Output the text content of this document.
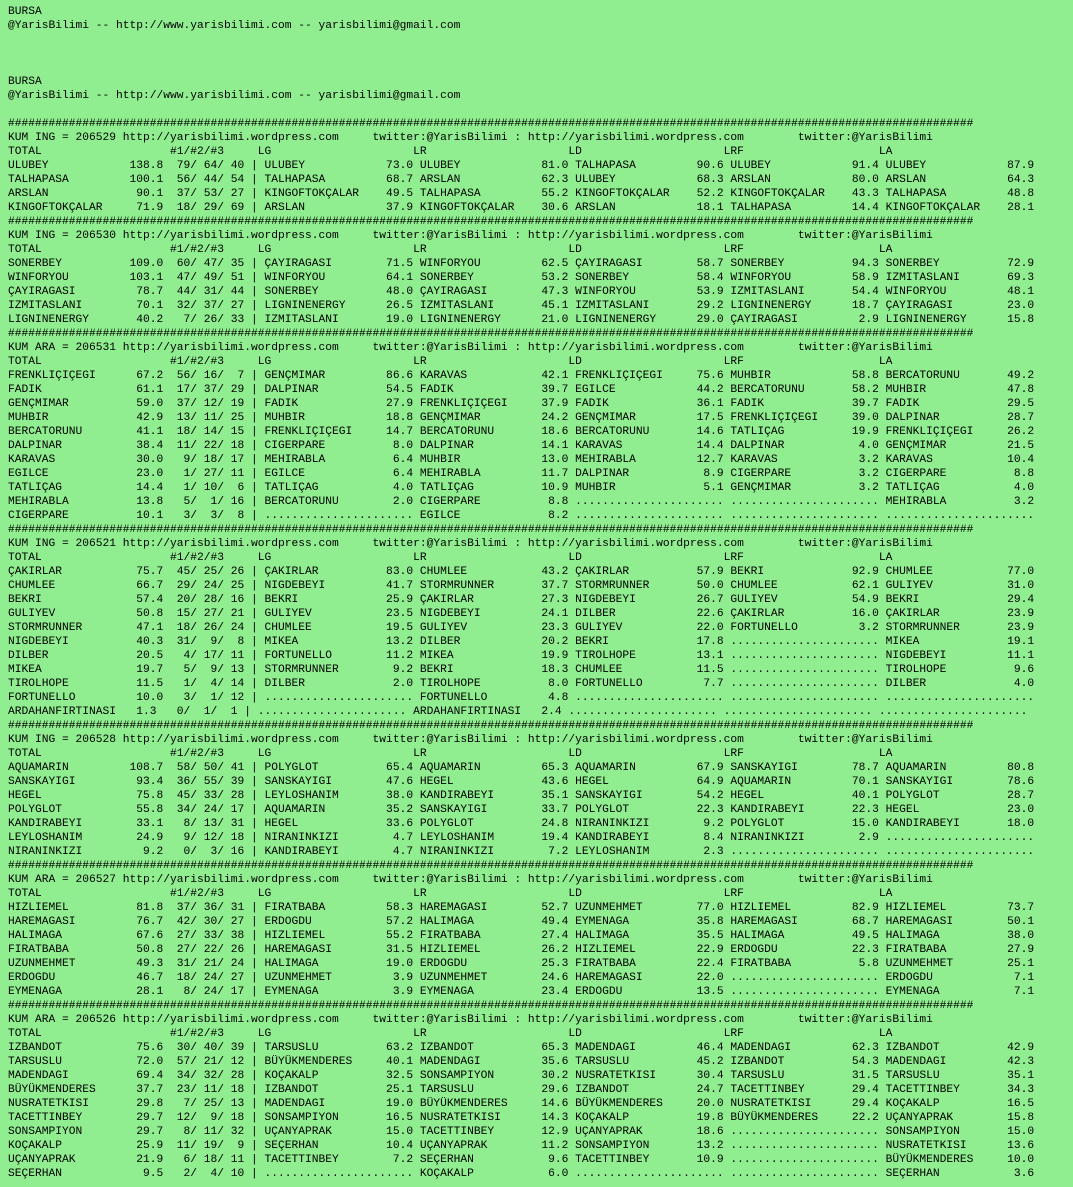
BURSA
@YarisBilimi -- http://www.yarisbilimi.com -- yarisbilimi@gmail.com
BURSA
@YarisBilimi -- http://www.yarisbilimi.com -- yarisbilimi@gmail.com
###############################################################################################################################################
KUM ING = 206529 http://yarisbilimi.wordpress.com     twitter:@YarisBilimi : http://yarisbilimi.wordpress.com        twitter:@YarisBilimi
TOTAL                   #1/#2/#3     LG                     LR                     LD                     LRF                    LA
ULUBEY            138.8  79/ 64/ 40 | ULUBEY            73.0 ULUBEY            81.0 TALHAPASA         90.6 ULUBEY            91.4 ULUBEY            87.9
TALHAPASA         100.1  56/ 44/ 54 | TALHAPASA         68.7 ARSLAN            62.3 ULUBEY            68.3 ARSLAN            80.0 ARSLAN            64.3
ARSLAN             90.1  37/ 53/ 27 | KINGOFTOKÇALAR    49.5 TALHAPASA         55.2 KINGOFTOKÇALAR    52.2 KINGOFTOKÇALAR    43.3 TALHAPASA         48.8
KINGOFTOKÇALAR     71.9  18/ 29/ 69 | ARSLAN            37.9 KINGOFTOKÇALAR    30.6 ARSLAN            18.1 TALHAPASA         14.4 KINGOFTOKÇALAR    28.1
###############################################################################################################################################
KUM ING = 206530 http://yarisbilimi.wordpress.com     twitter:@YarisBilimi : http://yarisbilimi.wordpress.com        twitter:@YarisBilimi
TOTAL                   #1/#2/#3     LG                     LR                     LD                     LRF                    LA
SONERBEY          109.0  60/ 47/ 35 | ÇAYIRAGASI        71.5 WINFORYOU         62.5 ÇAYIRAGASI        58.7 SONERBEY          94.3 SONERBEY          72.9
WINFORYOU         103.1  47/ 49/ 51 | WINFORYOU         64.1 SONERBEY          53.2 SONERBEY          58.4 WINFORYOU         58.9 IZMITASLANI       69.3
ÇAYIRAGASI         78.7  44/ 31/ 44 | SONERBEY          48.0 ÇAYIRAGASI        47.3 WINFORYOU         53.9 IZMITASLANI       54.4 WINFORYOU         48.1
IZMITASLANI        70.1  32/ 37/ 27 | LIGNINENERGY      26.5 IZMITASLANI       45.1 IZMITASLANI       29.2 LIGNINENERGY      18.7 ÇAYIRAGASI        23.0
LIGNINENERGY       40.2   7/ 26/ 33 | IZMITASLANI       19.0 LIGNINENERGY      21.0 LIGNINENERGY      29.0 ÇAYIRAGASI         2.9 LIGNINENERGY      15.8
###############################################################################################################################################
KUM ARA = 206531 http://yarisbilimi.wordpress.com     twitter:@YarisBilimi : http://yarisbilimi.wordpress.com        twitter:@YarisBilimi
TOTAL                   #1/#2/#3     LG                     LR                     LD                     LRF                    LA
FRENKLIÇIÇEGI      67.2  56/ 16/  7 | GENÇMIMAR         86.6 KARAVAS           42.1 FRENKLIÇIÇEGI     75.6 MUHBIR            58.8 BERCATORUNU       49.2
FADIK              61.1  17/ 37/ 29 | DALPINAR          54.5 FADIK             39.7 EGILCE            44.2 BERCATORUNU       58.2 MUHBIR            47.8
GENÇMIMAR          59.0  37/ 12/ 19 | FADIK             27.9 FRENKLIÇIÇEGI     37.9 FADIK             36.1 FADIK             39.7 FADIK             29.5
MUHBIR             42.9  13/ 11/ 25 | MUHBIR            18.8 GENÇMIMAR         24.2 GENÇMIMAR         17.5 FRENKLIÇIÇEGI     39.0 DALPINAR          28.7
BERCATORUNU        41.1  18/ 14/ 15 | FRENKLIÇIÇEGI     14.7 BERCATORUNU       18.6 BERCATORUNU       14.6 TATLIÇAG          19.9 FRENKLIÇIÇEGI     26.2
DALPINAR           38.4  11/ 22/ 18 | CIGERPARE          8.0 DALPINAR          14.1 KARAVAS           14.4 DALPINAR           4.0 GENÇMIMAR         21.5
KARAVAS            30.0   9/ 18/ 17 | MEHIRABLA          6.4 MUHBIR            13.0 MEHIRABLA         12.7 KARAVAS            3.2 KARAVAS           10.4
EGILCE             23.0   1/ 27/ 11 | EGILCE             6.4 MEHIRABLA         11.7 DALPINAR           8.9 CIGERPARE          3.2 CIGERPARE          8.8
TATLIÇAG           14.4   1/ 10/  6 | TATLIÇAG           4.0 TATLIÇAG          10.9 MUHBIR             5.1 GENÇMIMAR          3.2 TATLIÇAG           4.0
MEHIRABLA          13.8   5/  1/ 16 | BERCATORUNU        2.0 CIGERPARE          8.8 ...................... ...................... MEHIRABLA          3.2
CIGERPARE          10.1   3/  3/  8 | ...................... EGILCE             8.2 ...................... ...................... ......................
###############################################################################################################################################
KUM ING = 206521 http://yarisbilimi.wordpress.com     twitter:@YarisBilimi : http://yarisbilimi.wordpress.com        twitter:@YarisBilimi
TOTAL                   #1/#2/#3     LG                     LR                     LD                     LRF                    LA
ÇAKIRLAR           75.7  45/ 25/ 26 | ÇAKIRLAR          83.0 CHUMLEE           43.2 ÇAKIRLAR          57.9 BEKRI             92.9 CHUMLEE           77.0
CHUMLEE            66.7  29/ 24/ 25 | NIGDEBEYI         41.7 STORMRUNNER       37.7 STORMRUNNER       50.0 CHUMLEE           62.1 GULIYEV           31.0
BEKRI              57.4  20/ 28/ 16 | BEKRI             25.9 ÇAKIRLAR          27.3 NIGDEBEYI         26.7 GULIYEV           54.9 BEKRI             29.4
GULIYEV            50.8  15/ 27/ 21 | GULIYEV           23.5 NIGDEBEYI         24.1 DILBER            22.6 ÇAKIRLAR          16.0 ÇAKIRLAR          23.9
STORMRUNNER        47.1  18/ 26/ 24 | CHUMLEE           19.5 GULIYEV           23.3 GULIYEV           22.0 FORTUNELLO         3.2 STORMRUNNER       23.9
NIGDEBEYI          40.3  31/  9/  8 | MIKEA             13.2 DILBER            20.2 BEKRI             17.8 ...................... MIKEA             19.1
DILBER             20.5   4/ 17/ 11 | FORTUNELLO        11.2 MIKEA             19.9 TIROLHOPE         13.1 ...................... NIGDEBEYI         11.1
MIKEA              19.7   5/  9/ 13 | STORMRUNNER        9.2 BEKRI             18.3 CHUMLEE           11.5 ...................... TIROLHOPE          9.6
TIROLHOPE          11.5   1/  4/ 14 | DILBER             2.0 TIROLHOPE          8.0 FORTUNELLO         7.7 ...................... DILBER             4.0
FORTUNELLO         10.0   3/  1/ 12 | ...................... FORTUNELLO         4.8 ...................... ...................... ......................
ARDAHANFIRTINASI   1.3   0/  1/  1 | ...................... ARDAHANFIRTINASI   2.4 ...................... ...................... ......................
###############################################################################################################################################
KUM ING = 206528 http://yarisbilimi.wordpress.com     twitter:@YarisBilimi : http://yarisbilimi.wordpress.com        twitter:@YarisBilimi
TOTAL                   #1/#2/#3     LG                     LR                     LD                     LRF                    LA
AQUAMARIN         108.7  58/ 50/ 41 | POLYGLOT          65.4 AQUAMARIN         65.3 AQUAMARIN         67.9 SANSKAYIGI        78.7 AQUAMARIN         80.8
SANSKAYIGI         93.4  36/ 55/ 39 | SANSKAYIGI        47.6 HEGEL             43.6 HEGEL             64.9 AQUAMARIN         70.1 SANSKAYIGI        78.6
HEGEL              75.8  45/ 33/ 28 | LEYLOSHANIM       38.0 KANDIRABEYI       35.1 SANSKAYIGI        54.2 HEGEL             40.1 POLYGLOT          28.7
POLYGLOT           55.8  34/ 24/ 17 | AQUAMARIN         35.2 SANSKAYIGI        33.7 POLYGLOT          22.3 KANDIRABEYI       22.3 HEGEL             23.0
KANDIRABEYI        33.1   8/ 13/ 31 | HEGEL             33.6 POLYGLOT          24.8 NIRANINKIZI        9.2 POLYGLOT          15.0 KANDIRABEYI       18.0
LEYLOSHANIM        24.9   9/ 12/ 18 | NIRANINKIZI        4.7 LEYLOSHANIM       19.4 KANDIRABEYI        8.4 NIRANINKIZI        2.9 ......................
NIRANINKIZI         9.2   0/  3/ 16 | KANDIRABEYI        4.7 NIRANINKIZI        7.2 LEYLOSHANIM        2.3 ...................... ......................
###############################################################################################################################################
KUM ARA = 206527 http://yarisbilimi.wordpress.com     twitter:@YarisBilimi : http://yarisbilimi.wordpress.com        twitter:@YarisBilimi
TOTAL                   #1/#2/#3     LG                     LR                     LD                     LRF                    LA
HIZLIEMEL          81.8  37/ 36/ 31 | FIRATBABA         58.3 HAREMAGASI        52.7 UZUNMEHMET        77.0 HIZLIEMEL         82.9 HIZLIEMEL         73.7
HAREMAGASI         76.7  42/ 30/ 27 | ERDOGDU           57.2 HALIMAGA          49.4 EYMENAGA          35.8 HAREMAGASI        68.7 HAREMAGASI        50.1
HALIMAGA           67.6  27/ 33/ 38 | HIZLIEMEL         55.2 FIRATBABA         27.4 HALIMAGA          35.5 HALIMAGA          49.5 HALIMAGA          38.0
FIRATBABA          50.8  27/ 22/ 26 | HAREMAGASI        31.5 HIZLIEMEL         26.2 HIZLIEMEL         22.9 ERDOGDU           22.3 FIRATBABA         27.9
UZUNMEHMET         49.3  31/ 21/ 24 | HALIMAGA          19.0 ERDOGDU           25.3 FIRATBABA         22.4 FIRATBABA          5.8 UZUNMEHMET        25.1
ERDOGDU            46.7  18/ 24/ 27 | UZUNMEHMET         3.9 UZUNMEHMET        24.6 HAREMAGASI        22.0 ...................... ERDOGDU            7.1
EYMENAGA           28.1   8/ 24/ 17 | EYMENAGA           3.9 EYMENAGA          23.4 ERDOGDU           13.5 ...................... EYMENAGA           7.1
###############################################################################################################################################
KUM ARA = 206526 http://yarisbilimi.wordpress.com     twitter:@YarisBilimi : http://yarisbilimi.wordpress.com        twitter:@YarisBilimi
TOTAL                   #1/#2/#3     LG                     LR                     LD                     LRF                    LA
IZBANDOT           75.6  30/ 40/ 39 | TARSUSLU          63.2 IZBANDOT          65.3 MADENDAGI         46.4 MADENDAGI         62.3 IZBANDOT          42.9
TARSUSLU           72.0  57/ 21/ 12 | BÜYÜKMENDERES     40.1 MADENDAGI         35.6 TARSUSLU          45.2 IZBANDOT          54.3 MADENDAGI         42.3
MADENDAGI          69.4  34/ 32/ 28 | KOÇAKALP          32.5 SONSAMPIYON       30.2 NUSRATETKISI      30.4 TARSUSLU          31.5 TARSUSLU          35.1
BÜYÜKMENDERES      37.7  23/ 11/ 18 | IZBANDOT          25.1 TARSUSLU          29.6 IZBANDOT          24.7 TACETTINBEY       29.4 TACETTINBEY       34.3
NUSRATETKISI       29.8   7/ 25/ 13 | MADENDAGI         19.0 BÜYÜKMENDERES     14.6 BÜYÜKMENDERES     20.0 NUSRATETKISI      29.4 KOÇAKALP          16.5
TACETTINBEY        29.7  12/  9/ 18 | SONSAMPIYON       16.5 NUSRATETKISI      14.3 KOÇAKALP          19.8 BÜYÜKMENDERES     22.2 UÇANYAPRAK        15.8
SONSAMPIYON        29.7   8/ 11/ 32 | UÇANYAPRAK        15.0 TACETTINBEY       12.9 UÇANYAPRAK        18.6 ...................... SONSAMPIYON       15.0
KOÇAKALP           25.9  11/ 19/  9 | SEÇERHAN          10.4 UÇANYAPRAK        11.2 SONSAMPIYON       13.2 ...................... NUSRATETKISI      13.6
UÇANYAPRAK         21.9   6/ 18/ 11 | TACETTINBEY        7.2 SEÇERHAN           9.6 TACETTINBEY       10.9 ...................... BÜYÜKMENDERES     10.0
SEÇERHAN            9.5   2/  4/ 10 | ...................... KOÇAKALP           6.0 ...................... ...................... SEÇERHAN           3.6
